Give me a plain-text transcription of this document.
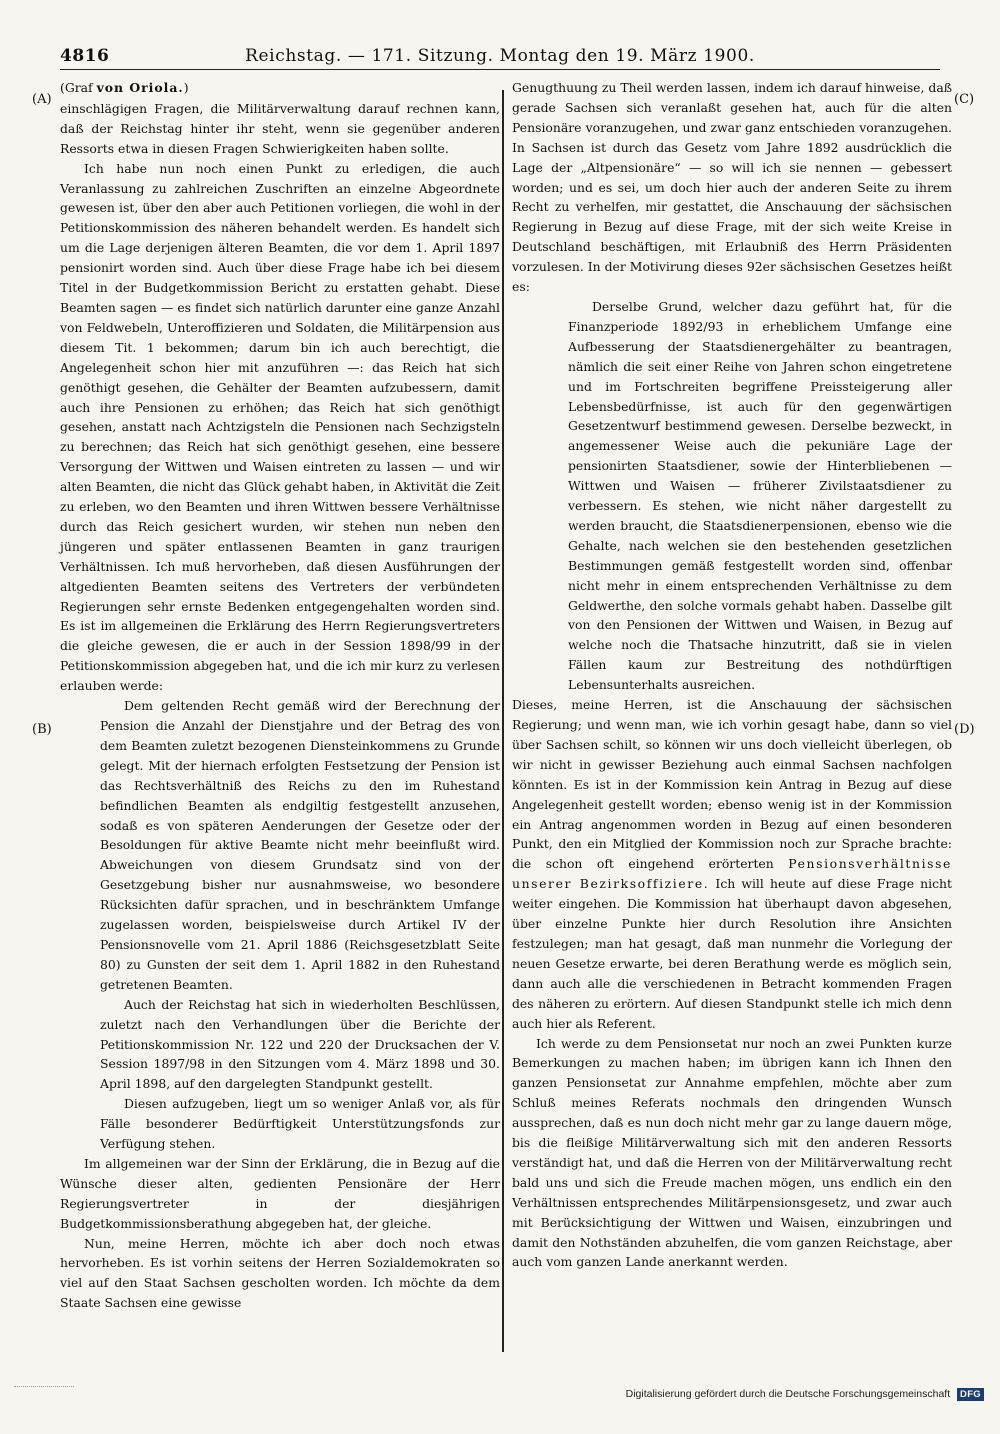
4816	Reichstag. — 171. Sitzung. Montag den 19. März 1900.
(A)
(B)
(C)
(D)
(Graf von Oriola.)

einschlägigen Fragen, die Militärverwaltung darauf rechnen kann, daß der Reichstag hinter ihr steht, wenn sie gegenüber anderen Ressorts etwa in diesen Fragen Schwierigkeiten haben sollte.

Ich habe nun noch einen Punkt zu erledigen, die auch Veranlassung zu zahlreichen Zuschriften an einzelne Abgeordnete gewesen ist, über den aber auch Petitionen vorliegen, die wohl in der Petitionskommission des näheren behandelt werden. Es handelt sich um die Lage derjenigen älteren Beamten, die vor dem 1. April 1897 pensionirt worden sind. Auch über diese Frage habe ich bei diesem Titel in der Budgetkommission Bericht zu erstatten gehabt. Diese Beamten sagen — es findet sich natürlich darunter eine ganze Anzahl von Feldwebeln, Unteroffizieren und Soldaten, die Militärpension aus diesem Tit. 1 bekommen; darum bin ich auch berechtigt, die Angelegenheit schon hier mit anzuführen —: das Reich hat sich genöthigt gesehen, die Gehälter der Beamten aufzubessern, damit auch ihre Pensionen zu erhöhen; das Reich hat sich genöthigt gesehen, anstatt nach Achtzigsteln die Pensionen nach Sechzigsteln zu berechnen; das Reich hat sich genöthigt gesehen, eine bessere Versorgung der Wittwen und Waisen eintreten zu lassen — und wir alten Beamten, die nicht das Glück gehabt haben, in Aktivität die Zeit zu erleben, wo den Beamten und ihren Wittwen bessere Verhältnisse durch das Reich gesichert wurden, wir stehen nun neben den jüngeren und später entlassenen Beamten in ganz traurigen Verhältnissen. Ich muß hervorheben, daß diesen Ausführungen der altgedienten Beamten seitens des Vertreters der verbündeten Regierungen sehr ernste Bedenken entgegengehalten worden sind. Es ist im allgemeinen die Erklärung des Herrn Regierungsvertreters die gleiche gewesen, die er auch in der Session 1898/99 in der Petitionskommission abgegeben hat, und die ich mir kurz zu verlesen erlauben werde:

Dem geltenden Recht gemäß wird der Berechnung der Pension die Anzahl der Dienstjahre und der Betrag des von dem Beamten zuletzt bezogenen Diensteinkommens zu Grunde gelegt. Mit der hiernach erfolgten Festsetzung der Pension ist das Rechtsverhältniß des Reichs zu den im Ruhestand befindlichen Beamten als endgiltig festgestellt anzusehen, sodaß es von späteren Aenderungen der Gesetze oder der Besoldungen für aktive Beamte nicht mehr beeinflußt wird. Abweichungen von diesem Grundsatz sind von der Gesetzgebung bisher nur ausnahmsweise, wo besondere Rücksichten dafür sprachen, und in beschränktem Umfange zugelassen worden, beispielsweise durch Artikel IV der Pensionsnovelle vom 21. April 1886 (Reichsgesetzblatt Seite 80) zu Gunsten der seit dem 1. April 1882 in den Ruhestand getretenen Beamten.

Auch der Reichstag hat sich in wiederholten Beschlüssen, zuletzt nach den Verhandlungen über die Berichte der Petitionskommission Nr. 122 und 220 der Drucksachen der V. Session 1897/98 in den Sitzungen vom 4. März 1898 und 30. April 1898, auf den dargelegten Standpunkt gestellt.

Diesen aufzugeben, liegt um so weniger Anlaß vor, als für Fälle besonderer Bedürftigkeit Unterstützungsfonds zur Verfügung stehen.

Im allgemeinen war der Sinn der Erklärung, die in Bezug auf die Wünsche dieser alten, gedienten Pensionäre der Herr Regierungsvertreter in der diesjährigen Budgetkommissionsberathung abgegeben hat, der gleiche.

Nun, meine Herren, möchte ich aber doch noch etwas hervorheben. Es ist vorhin seitens der Herren Sozialdemokraten so viel auf den Staat Sachsen gescholten worden. Ich möchte da dem Staate Sachsen eine gewisse

Genugthuung zu Theil werden lassen, indem ich darauf hinweise, daß gerade Sachsen sich veranlaßt gesehen hat, auch für die alten Pensionäre voranzugehen, und zwar ganz entschieden voranzugehen. In Sachsen ist durch das Gesetz vom Jahre 1892 ausdrücklich die Lage der „Altpensionäre“ — so will ich sie nennen — gebessert worden; und es sei, um doch hier auch der anderen Seite zu ihrem Recht zu verhelfen, mir gestattet, die Anschauung der sächsischen Regierung in Bezug auf diese Frage, mit der sich weite Kreise in Deutschland beschäftigen, mit Erlaubniß des Herrn Präsidenten vorzulesen. In der Motivirung dieses 92er sächsischen Gesetzes heißt es:

Derselbe Grund, welcher dazu geführt hat, für die Finanzperiode 1892/93 in erheblichem Umfange eine Aufbesserung der Staatsdienergehälter zu beantragen, nämlich die seit einer Reihe von Jahren schon eingetretene und im Fortschreiten begriffene Preissteigerung aller Lebensbedürfnisse, ist auch für den gegenwärtigen Gesetzentwurf bestimmend gewesen. Derselbe bezweckt, in angemessener Weise auch die pekuniäre Lage der pensionirten Staatsdiener, sowie der Hinterbliebenen — Wittwen und Waisen — früherer Zivilstaatsdiener zu verbessern. Es stehen, wie nicht näher dargestellt zu werden braucht, die Staatsdienerpensionen, ebenso wie die Gehalte, nach welchen sie den bestehenden gesetzlichen Bestimmungen gemäß festgestellt worden sind, offenbar nicht mehr in einem entsprechenden Verhältnisse zu dem Geldwerthe, den solche vormals gehabt haben. Dasselbe gilt von den Pensionen der Wittwen und Waisen, in Bezug auf welche noch die Thatsache hinzutritt, daß sie in vielen Fällen kaum zur Bestreitung des nothdürftigen Lebensunterhalts ausreichen.

Dieses, meine Herren, ist die Anschauung der sächsischen Regierung; und wenn man, wie ich vorhin gesagt habe, dann so viel über Sachsen schilt, so können wir uns doch vielleicht überlegen, ob wir nicht in gewisser Beziehung auch einmal Sachsen nachfolgen könnten. Es ist in der Kommission kein Antrag in Bezug auf diese Angelegenheit gestellt worden; ebenso wenig ist in der Kommission ein Antrag angenommen worden in Bezug auf einen besonderen Punkt, den ein Mitglied der Kommission noch zur Sprache brachte: die schon oft eingehend erörterten Pensionsverhältnisse unserer Bezirksoffiziere. Ich will heute auf diese Frage nicht weiter eingehen. Die Kommission hat überhaupt davon abgesehen, über einzelne Punkte hier durch Resolution ihre Ansichten festzulegen; man hat gesagt, daß man nunmehr die Vorlegung der neuen Gesetze erwarte, bei deren Berathung werde es möglich sein, dann auch alle die verschiedenen in Betracht kommenden Fragen des näheren zu erörtern. Auf diesen Standpunkt stelle ich mich denn auch hier als Referent.

Ich werde zu dem Pensionsetat nur noch an zwei Punkten kurze Bemerkungen zu machen haben; im übrigen kann ich Ihnen den ganzen Pensionsetat zur Annahme empfehlen, möchte aber zum Schluß meines Referats nochmals den dringenden Wunsch aussprechen, daß es nun doch nicht mehr gar zu lange dauern möge, bis die fleißige Militärverwaltung sich mit den anderen Ressorts verständigt hat, und daß die Herren von der Militärverwaltung recht bald uns und sich die Freude machen mögen, uns endlich ein den Verhältnissen entsprechendes Militärpensionsgesetz, und zwar auch mit Berücksichtigung der Wittwen und Waisen, einzubringen und damit den Nothständen abzuhelfen, die vom ganzen Reichstage, aber auch vom ganzen Lande anerkannt werden.

Digitalisierung gefördert durch die Deutsche Forschungsgemeinschaft DFG
